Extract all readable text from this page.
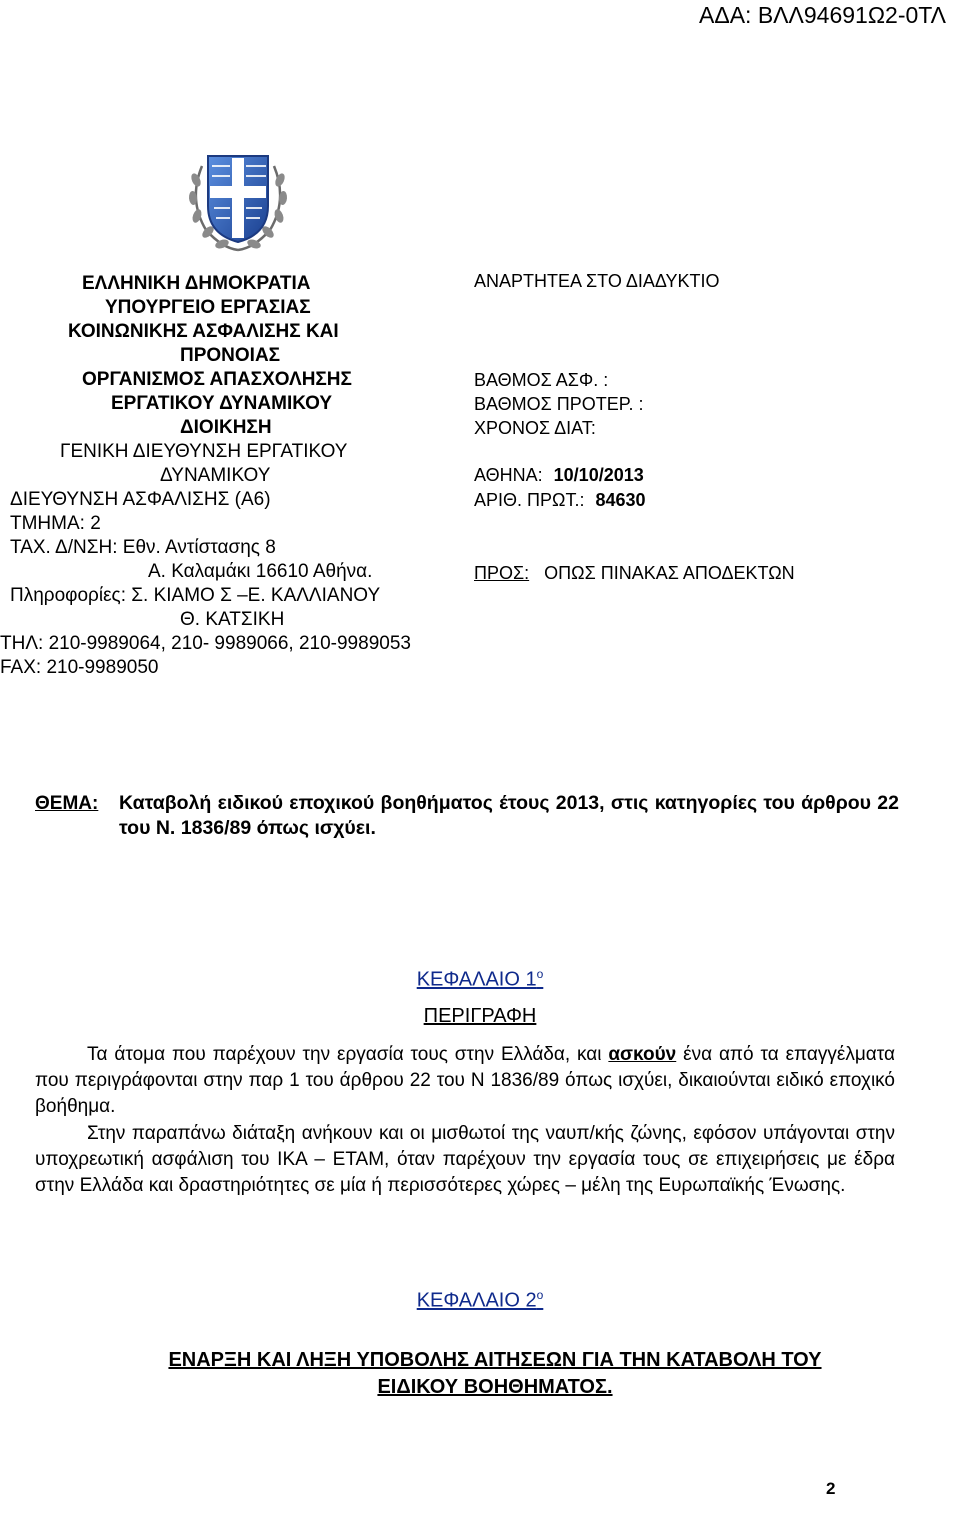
ΑΔΑ: ΒΛΛ94691Ω2-0ΤΛ
ΕΛΛΗΝΙΚΗ ΔΗΜΟΚΡΑΤΙΑ
ΥΠΟΥΡΓΕΙΟ ΕΡΓΑΣΙΑΣ
ΚΟΙΝΩΝΙΚΗΣ ΑΣΦΑΛΙΣΗΣ ΚΑΙ
ΠΡΟΝΟΙΑΣ
ΟΡΓΑΝΙΣΜΟΣ ΑΠΑΣΧΟΛΗΣΗΣ
ΕΡΓΑΤΙΚΟΥ ΔΥΝΑΜΙΚΟΥ
ΔΙΟΙΚΗΣΗ
ΓΕΝΙΚΗ ΔΙΕΥΘΥΝΣΗ ΕΡΓΑΤΙΚΟΥ
ΔΥΝΑΜΙΚΟΥ
ΔΙΕΥΘΥΝΣΗ ΑΣΦΑΛΙΣΗΣ (Α6)
ΤΜΗΜΑ: 2
ΤΑΧ. Δ/ΝΣΗ: Εθν. Αντίστασης 8
Α. Καλαμάκι 16610 Αθήνα.
Πληροφορίες: Σ. ΚΙΑΜΟ Σ –Ε. ΚΑΛΛΙΑΝΟΥ
Θ. ΚΑΤΣΙΚΗ
ΤΗΛ: 210-9989064, 210- 9989066, 210-9989053
FAX: 210-9989050
ΑΝΑΡΤΗΤΕΑ ΣΤΟ ΔΙΑΔΥΚΤΙΟ
ΒΑΘΜΟΣ ΑΣΦ. :
ΒΑΘΜΟΣ ΠΡΟΤΕΡ. :
ΧΡΟΝΟΣ ΔΙΑΤ:
ΑΘΗΝΑ: 10/10/2013
ΑΡΙΘ. ΠΡΩΤ.: 84630
ΠΡΟΣ: ΟΠΩΣ ΠΙΝΑΚΑΣ ΑΠΟΔΕΚΤΩΝ
ΘΕΜΑ: Καταβολή ειδικού εποχικού βοηθήματος έτους 2013, στις κατηγορίες του άρθρου 22 του Ν. 1836/89 όπως ισχύει.
ΚΕΦΑΛΑΙΟ $1^o$
ΠΕΡΙΓΡΑΦΗ
Τα άτομα που παρέχουν την εργασία τους στην Ελλάδα, και ασκούν ένα από τα επαγγέλματα που περιγράφονται στην παρ 1 του άρθρου 22 του Ν 1836/89 όπως ισχύει, δικαιούνται ειδικό εποχικό βοήθημα.
Στην παραπάνω διάταξη ανήκουν και οι μισθωτοί της ναυπ/κής ζώνης, εφόσον υπάγονται στην υποχρεωτική ασφάλιση του ΙΚΑ – ΕΤΑΜ, όταν παρέχουν την εργασία τους σε επιχειρήσεις με έδρα στην Ελλάδα και δραστηριότητες σε μία ή περισσότερες χώρες – μέλη της Ευρωπαϊκής Ένωσης.
ΚΕΦΑΛΑΙΟ $2^o$
ΕΝΑΡΞΗ ΚΑΙ ΛΗΞΗ ΥΠΟΒΟΛΗΣ ΑΙΤΗΣΕΩΝ ΓΙΑ ΤΗΝ ΚΑΤΑΒΟΛΗ ΤΟΥ
ΕΙΔΙΚΟΥ ΒΟΗΘΗΜΑΤΟΣ.
2
